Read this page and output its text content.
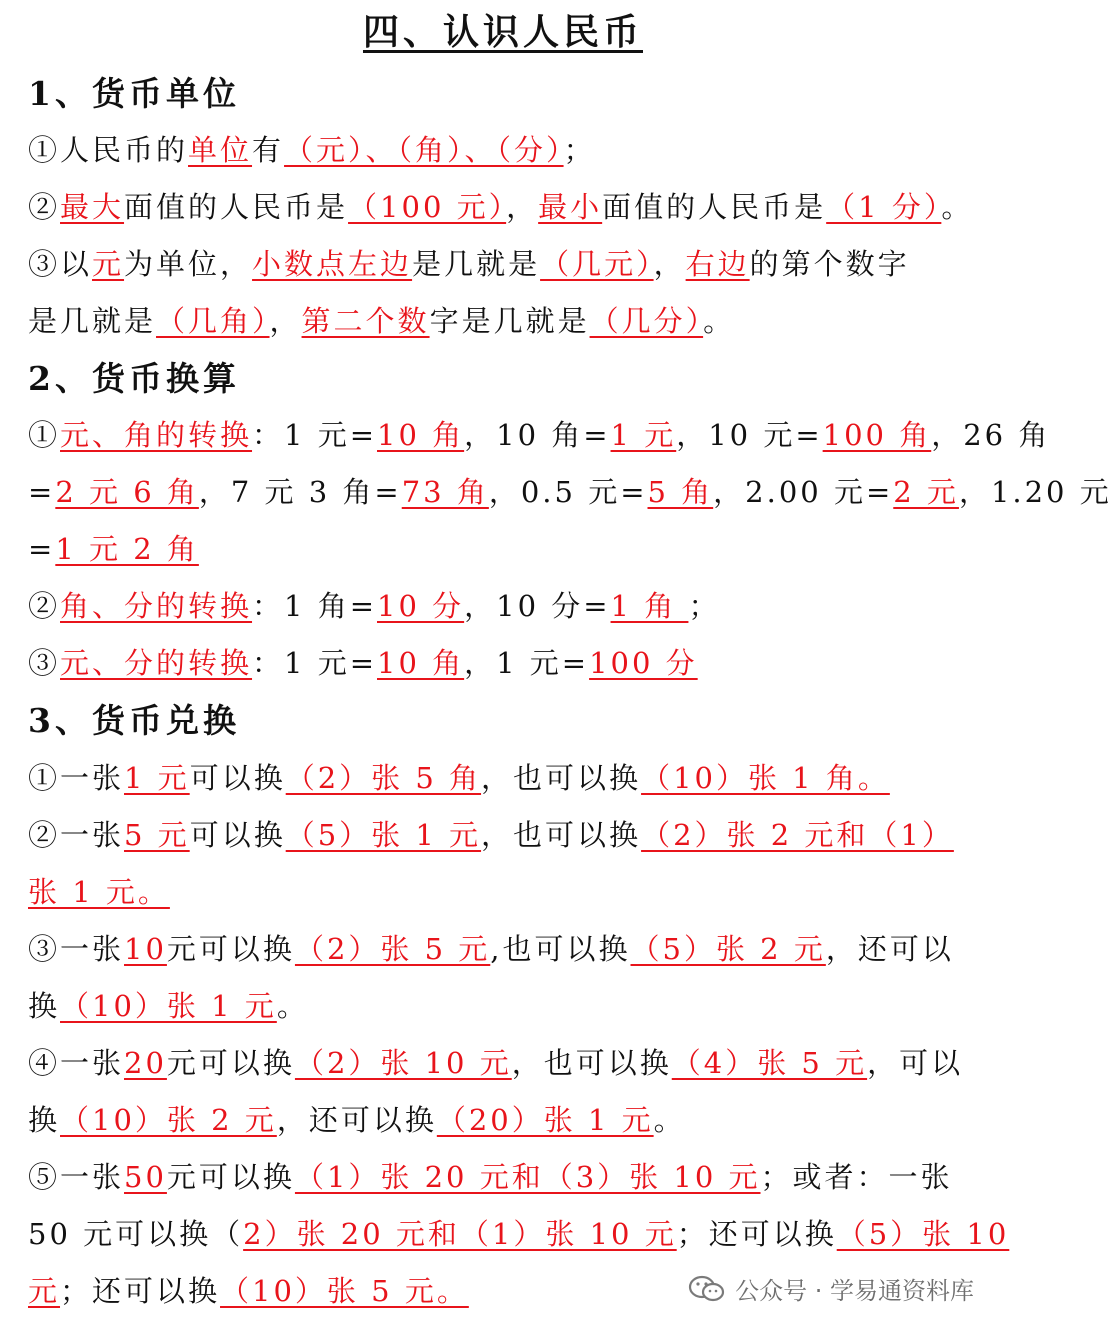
四、认识人民币
1、货币单位
①人民币的单位有（元）、（角）、（分）；
②最大面值的人民币是（100 元），最小面值的人民币是（1 分）。
③以元为单位，小数点左边是几就是（几元），右边的第个数字
是几就是（几角），第二个数字是几就是（几分）。
2、货币换算
①元、角的转换：1 元=10 角，10 角=1 元，10 元=100 角，26 角
=2 元 6 角，7 元 3 角=73 角，0.5 元=5 角，2.00 元=2 元，1.20 元
=1 元 2 角
②角、分的转换：1 角=10 分，10 分=1 角 ；
③元、分的转换：1 元=10 角，1 元=100 分
3、货币兑换
①一张1 元可以换（2）张 5 角，也可以换（10）张 1 角。
②一张5 元可以换（5）张 1 元，也可以换（2）张 2 元和（1）
张 1 元。
③一张10元可以换（2）张 5 元,也可以换（5）张 2 元，还可以
换（10）张 1 元。
④一张20元可以换（2）张 10 元，也可以换（4）张 5 元，可以
换（10）张 2 元，还可以换（20）张 1 元。
⑤一张50元可以换（1）张 20 元和（3）张 10 元；或者：一张
50 元可以换（2）张 20 元和（1）张 10 元；还可以换（5）张 10
元；还可以换（10）张 5 元。	公众号 · 学易通资料库
